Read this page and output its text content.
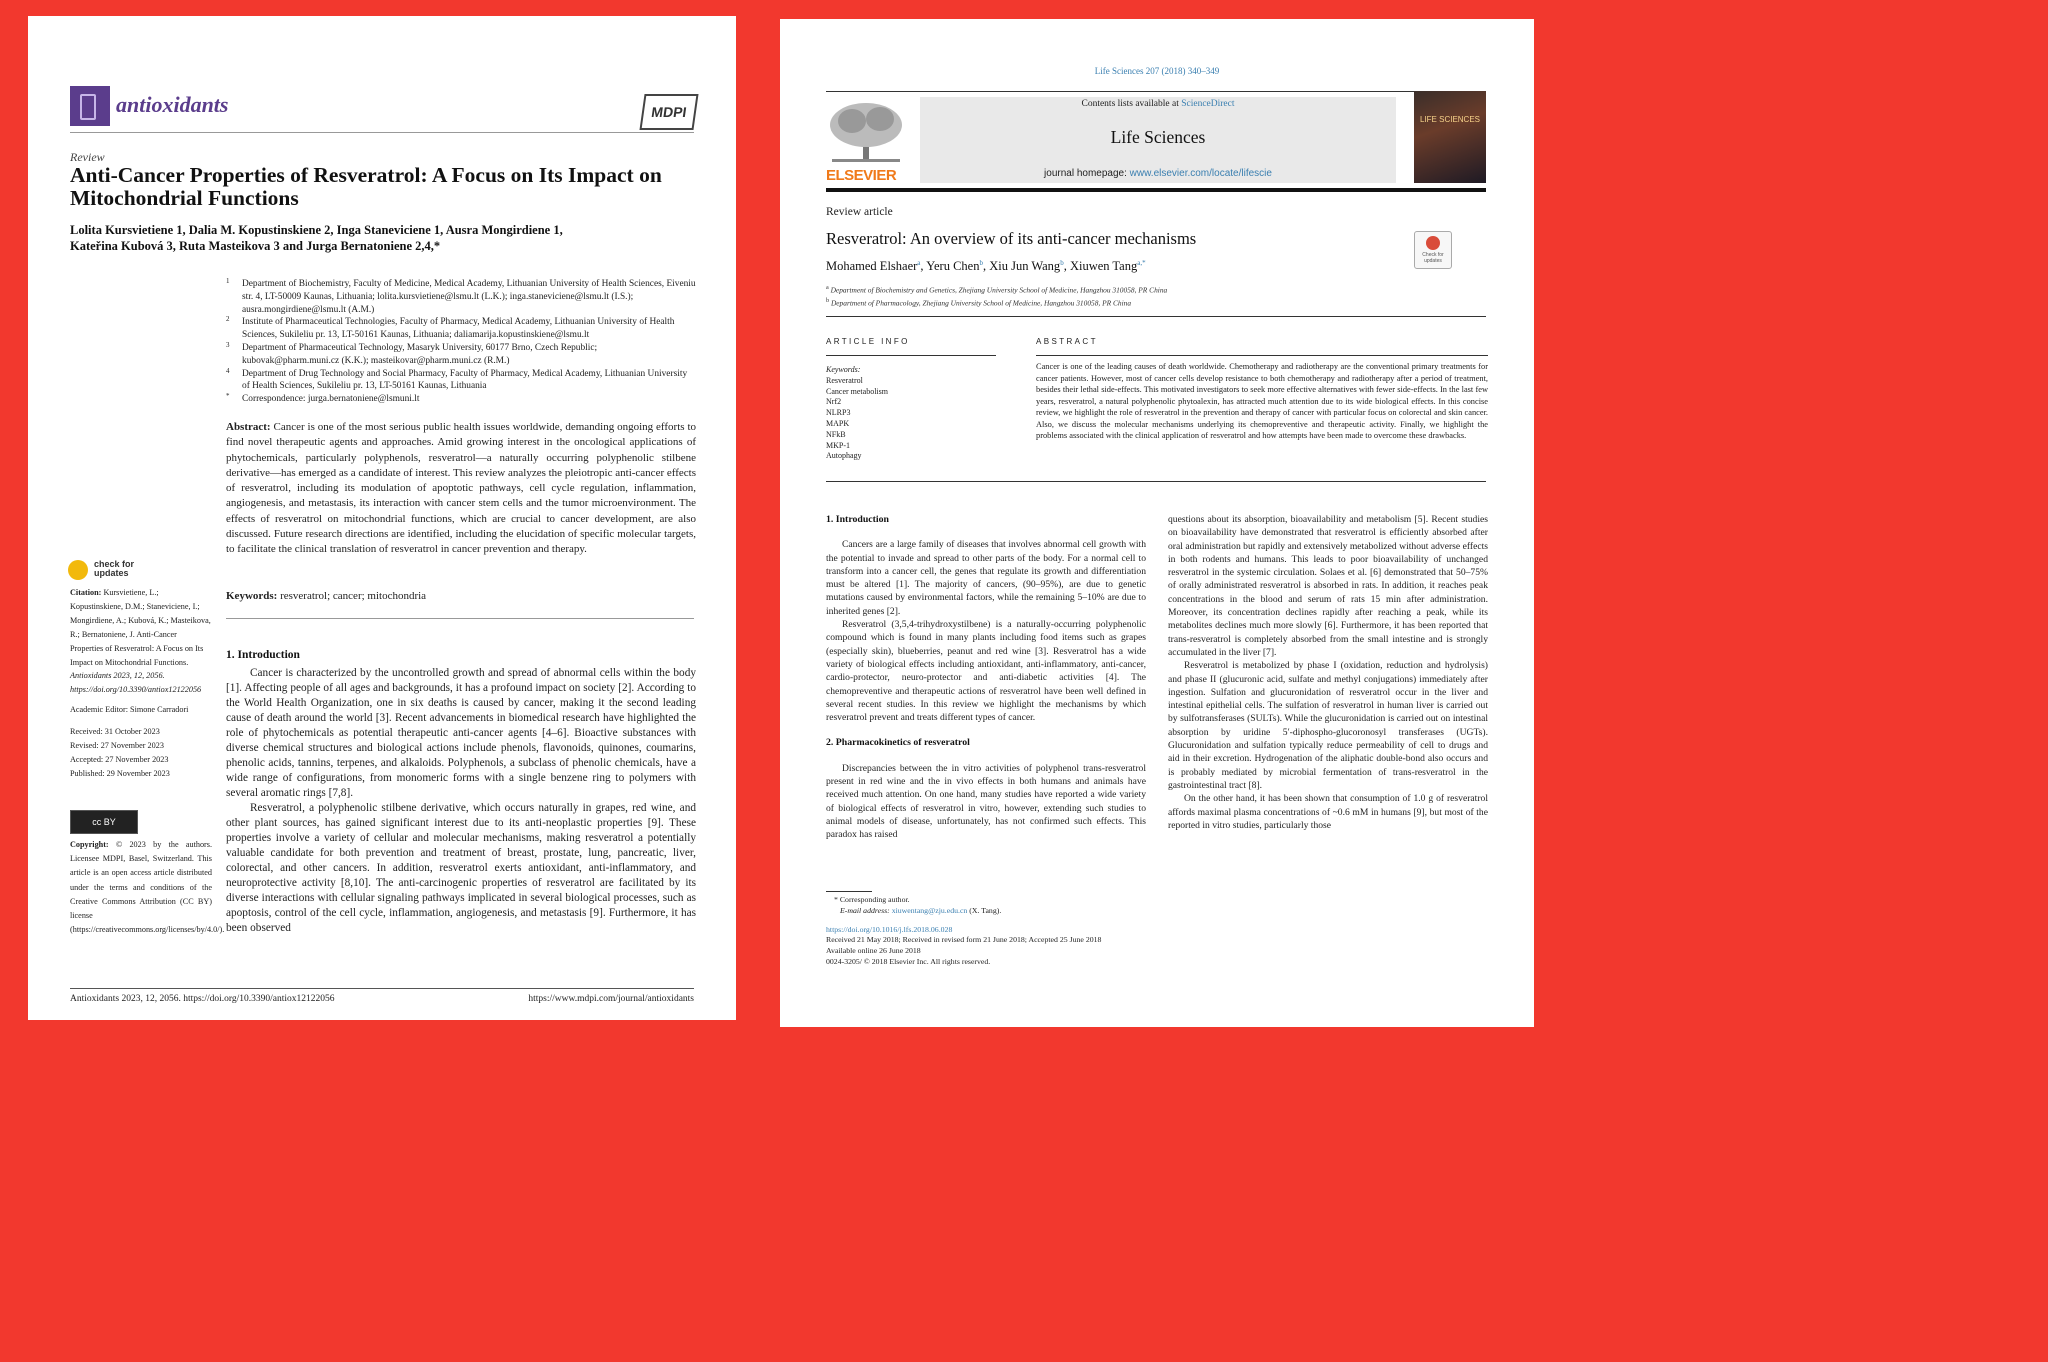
antioxidants	MDPI
Review
Anti-Cancer Properties of Resveratrol: A Focus on Its Impact on Mitochondrial Functions
Lolita Kursvietiene 1, Dalia M. Kopustinskiene 2, Inga Staneviciene 1, Ausra Mongirdiene 1,
Kateřina Kubová 3, Ruta Masteikova 3 and Jurga Bernatoniene 2,4,*
1 Department of Biochemistry, Faculty of Medicine, Medical Academy, Lithuanian University of Health Sciences, Eiveniu str. 4, LT-50009 Kaunas, Lithuania; lolita.kursvietiene@lsmu.lt (L.K.); inga.staneviciene@lsmu.lt (I.S.); ausra.mongirdiene@lsmu.lt (A.M.)
2 Institute of Pharmaceutical Technologies, Faculty of Pharmacy, Medical Academy, Lithuanian University of Health Sciences, Sukileliu pr. 13, LT-50161 Kaunas, Lithuania; daliamarija.kopustinskiene@lsmu.lt
3 Department of Pharmaceutical Technology, Masaryk University, 60177 Brno, Czech Republic; kubovak@pharm.muni.cz (K.K.); masteikovar@pharm.muni.cz (R.M.)
4 Department of Drug Technology and Social Pharmacy, Faculty of Pharmacy, Medical Academy, Lithuanian University of Health Sciences, Sukileliu pr. 13, LT-50161 Kaunas, Lithuania
* Correspondence: jurga.bernatoniene@lsmuni.lt
Abstract: Cancer is one of the most serious public health issues worldwide, demanding ongoing efforts to find novel therapeutic agents and approaches. Amid growing interest in the oncological applications of phytochemicals, particularly polyphenols, resveratrol—a naturally occurring polyphenolic stilbene derivative—has emerged as a candidate of interest. This review analyzes the pleiotropic anti-cancer effects of resveratrol, including its modulation of apoptotic pathways, cell cycle regulation, inflammation, angiogenesis, and metastasis, its interaction with cancer stem cells and the tumor microenvironment. The effects of resveratrol on mitochondrial functions, which are crucial to cancer development, are also discussed. Future research directions are identified, including the elucidation of specific molecular targets, to facilitate the clinical translation of resveratrol in cancer prevention and therapy.
Keywords: resveratrol; cancer; mitochondria
check for updates

Citation: Kursvietiene, L.; Kopustinskiene, D.M.; Staneviciene, I.; Mongirdiene, A.; Kubová, K.; Masteikova, R.; Bernatoniene, J. Anti-Cancer Properties of Resveratrol: A Focus on Its Impact on Mitochondrial Functions. Antioxidants 2023, 12, 2056. https://doi.org/10.3390/antiox12122056

Academic Editor: Simone Carradori

Received: 31 October 2023

Revised: 27 November 2023

Accepted: 27 November 2023

Published: 29 November 2023

cc BY
Copyright: © 2023 by the authors. Licensee MDPI, Basel, Switzerland. This article is an open access article distributed under the terms and conditions of the Creative Commons Attribution (CC BY) license (https://creativecommons.org/licenses/by/4.0/).
1. Introduction

Cancer is characterized by the uncontrolled growth and spread of abnormal cells within the body [1]. Affecting people of all ages and backgrounds, it has a profound impact on society [2]. According to the World Health Organization, one in six deaths is caused by cancer, making it the second leading cause of death around the world [3]. Recent advancements in biomedical research have highlighted the role of phytochemicals as potential therapeutic anti-cancer agents [4–6]. Bioactive substances with diverse chemical structures and biological actions include phenols, flavonoids, quinones, coumarins, phenolic acids, tannins, terpenes, and alkaloids. Polyphenols, a subclass of phenolic chemicals, have a wide range of configurations, from monomeric forms with a single benzene ring to polymers with several aromatic rings [7,8].

Resveratrol, a polyphenolic stilbene derivative, which occurs naturally in grapes, red wine, and other plant sources, has gained significant interest due to its anti-neoplastic properties [9]. These properties involve a variety of cellular and molecular mechanisms, making resveratrol a potentially valuable candidate for both prevention and treatment of breast, prostate, lung, pancreatic, liver, colorectal, and other cancers. In addition, resveratrol exerts antioxidant, anti-inflammatory, and neuroprotective activity [8,10]. The anti-carcinogenic properties of resveratrol are facilitated by its diverse interactions with cellular signaling pathways implicated in several biological processes, such as apoptosis, control of the cell cycle, inflammation, angiogenesis, and metastasis [9]. Furthermore, it has been observed

Antioxidants 2023, 12, 2056. https://doi.org/10.3390/antiox12122056	https://www.mdpi.com/journal/antioxidants
Life Sciences 207 (2018) 340–349
ELSEVIER
Contents lists available at ScienceDirect
Life Sciences
journal homepage: www.elsevier.com/locate/lifescie
LIFE SCIENCES
Review article
Resveratrol: An overview of its anti-cancer mechanisms
Check for updates
Mohamed Elshaer$^a$, Yeru Chen$^b$, Xiu Jun Wang$^b$, Xiuwen Tang$^{a,*}$
$^a$ Department of Biochemistry and Genetics, Zhejiang University School of Medicine, Hangzhou 310058, PR China
$^b$ Department of Pharmacology, Zhejiang University School of Medicine, Hangzhou 310058, PR China
ARTICLE INFO
Keywords:
Resveratrol
Cancer metabolism
Nrf2
NLRP3
MAPK
NFkB
MKP-1
Autophagy
ABSTRACT
Cancer is one of the leading causes of death worldwide. Chemotherapy and radiotherapy are the conventional primary treatments for cancer patients. However, most of cancer cells develop resistance to both chemotherapy and radiotherapy after a period of treatment, besides their lethal side-effects. This motivated investigators to seek more effective alternatives with fewer side-effects. In the last few years, resveratrol, a natural polyphenolic phytoalexin, has attracted much attention due to its wide biological effects. In this concise review, we highlight the role of resveratrol in the prevention and therapy of cancer with particular focus on colorectal and skin cancer. Also, we discuss the molecular mechanisms underlying its chemopreventive and therapeutic activity. Finally, we highlight the problems associated with the clinical application of resveratrol and how attempts have been made to overcome these drawbacks.
1. Introduction

Cancers are a large family of diseases that involves abnormal cell growth with the potential to invade and spread to other parts of the body. For a normal cell to transform into a cancer cell, the genes that regulate its growth and differentiation must be altered [1]. The majority of cancers, (90–95%), are due to genetic mutations caused by environmental factors, while the remaining 5–10% are due to inherited genes [2].

Resveratrol (3,5,4-trihydroxystilbene) is a naturally-occurring polyphenolic compound which is found in many plants including food items such as grapes (especially skin), blueberries, peanut and red wine [3]. Resveratrol has a wide variety of biological effects including antioxidant, anti-inflammatory, anti-cancer, cardio-protector, neuro-protector and anti-diabetic activities [4]. The chemopreventive and therapeutic actions of resveratrol have been well defined in several recent studies. In this review we highlight the mechanisms by which resveratrol prevent and treats different types of cancer.

2. Pharmacokinetics of resveratrol

Discrepancies between the in vitro activities of polyphenol trans-resveratrol present in red wine and the in vivo effects in both humans and animals have received much attention. On one hand, many studies have reported a wide variety of biological effects of resveratrol in vitro, however, extending such studies to animal models of disease, unfortunately, has not confirmed such effects. This paradox has raised

questions about its absorption, bioavailability and metabolism [5]. Recent studies on bioavailability have demonstrated that resveratrol is efficiently absorbed after oral administration but rapidly and extensively metabolized without adverse effects in both rodents and humans. This leads to poor bioavailability of unchanged resveratrol in the systemic circulation. Solaes et al. [6] demonstrated that 50–75% of orally administrated resveratrol is absorbed in rats. In addition, it reaches peak concentrations in the blood and serum of rats 15 min after administration. Moreover, its concentration declines rapidly after reaching a peak, while its metabolites declines much more slowly [6]. Furthermore, it has been reported that trans-resveratrol is completely absorbed from the small intestine and is strongly accumulated in the liver [7].

Resveratrol is metabolized by phase I (oxidation, reduction and hydrolysis) and phase II (glucuronic acid, sulfate and methyl conjugations) immediately after ingestion. Sulfation and glucuronidation of resveratrol occur in the liver and intestinal epithelial cells. The sulfation of resveratrol in human liver is carried out by sulfotransferases (SULTs). While the glucuronidation is carried out on intestinal absorption by uridine 5′-diphospho-glucoronosyl transferases (UGTs). Glucuronidation and sulfation typically reduce permeability of cell to drugs and aid in their excretion. Hydrogenation of the aliphatic double-bond also occurs and is probably mediated by microbial fermentation of trans-resveratrol in the gastrointestinal tract [8].

On the other hand, it has been shown that consumption of 1.0 g of resveratrol affords maximal plasma concentrations of ~0.6 mM in humans [9], but most of the reported in vitro studies, particularly those

* Corresponding author.
E-mail address: xiuwentang@zju.edu.cn (X. Tang).
https://doi.org/10.1016/j.lfs.2018.06.028
Received 21 May 2018; Received in revised form 21 June 2018; Accepted 25 June 2018
Available online 26 June 2018
0024-3205/ © 2018 Elsevier Inc. All rights reserved.
